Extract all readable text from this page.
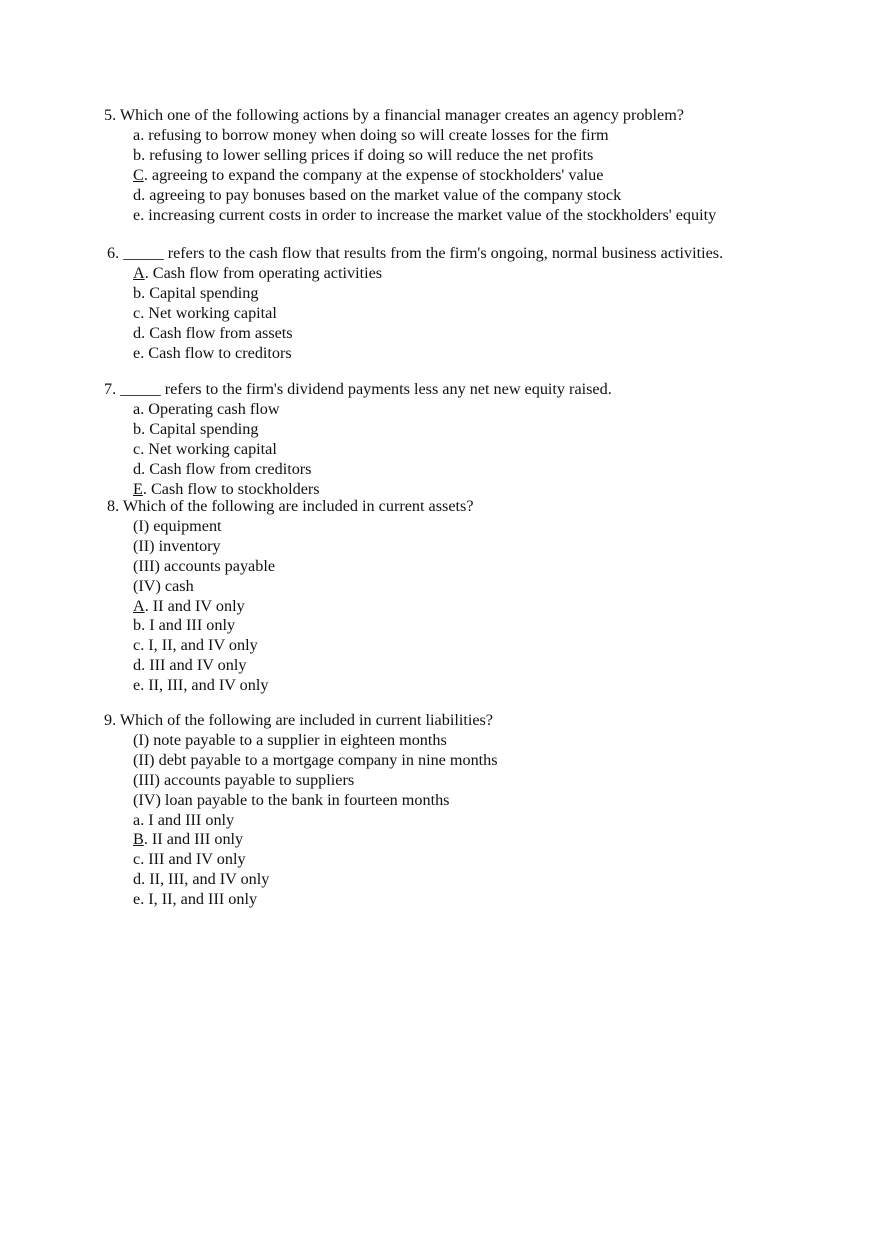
5. Which one of the following actions by a financial manager creates an agency problem?
a. refusing to borrow money when doing so will create losses for the firm
b. refusing to lower selling prices if doing so will reduce the net profits
C. agreeing to expand the company at the expense of stockholders' value
d. agreeing to pay bonuses based on the market value of the company stock
e. increasing current costs in order to increase the market value of the stockholders' equity
6. _____ refers to the cash flow that results from the firm's ongoing, normal business activities.
A. Cash flow from operating activities
b. Capital spending
c. Net working capital
d. Cash flow from assets
e. Cash flow to creditors
7. _____ refers to the firm's dividend payments less any net new equity raised.
a. Operating cash flow
b. Capital spending
c. Net working capital
d. Cash flow from creditors
E. Cash flow to stockholders
8. Which of the following are included in current assets?
(I) equipment
(II) inventory
(III) accounts payable
(IV) cash
A. II and IV only
b. I and III only
c. I, II, and IV only
d. III and IV only
e. II, III, and IV only
9. Which of the following are included in current liabilities?
(I) note payable to a supplier in eighteen months
(II) debt payable to a mortgage company in nine months
(III) accounts payable to suppliers
(IV) loan payable to the bank in fourteen months
a. I and III only
B. II and III only
c. III and IV only
d. II, III, and IV only
e. I, II, and III only
